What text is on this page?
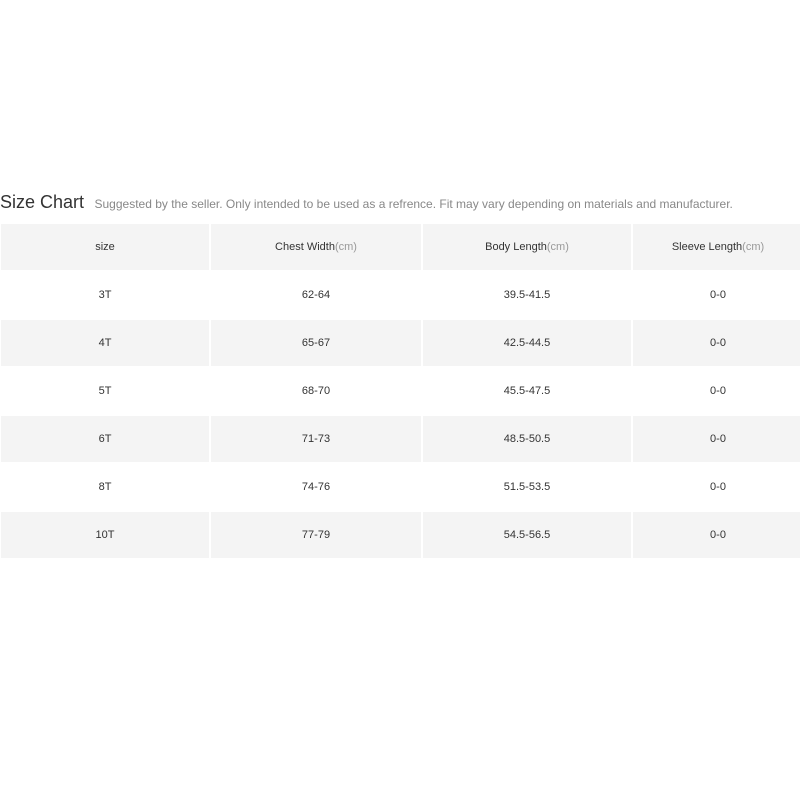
Size Chart Suggested by the seller. Only intended to be used as a refrence. Fit may vary depending on materials and manufacturer.
size	Chest Width(cm)	Body Length(cm)	Sleeve Length(cm)
3T	62-64	39.5-41.5	0-0
4T	65-67	42.5-44.5	0-0
5T	68-70	45.5-47.5	0-0
6T	71-73	48.5-50.5	0-0
8T	74-76	51.5-53.5	0-0
10T	77-79	54.5-56.5	0-0
